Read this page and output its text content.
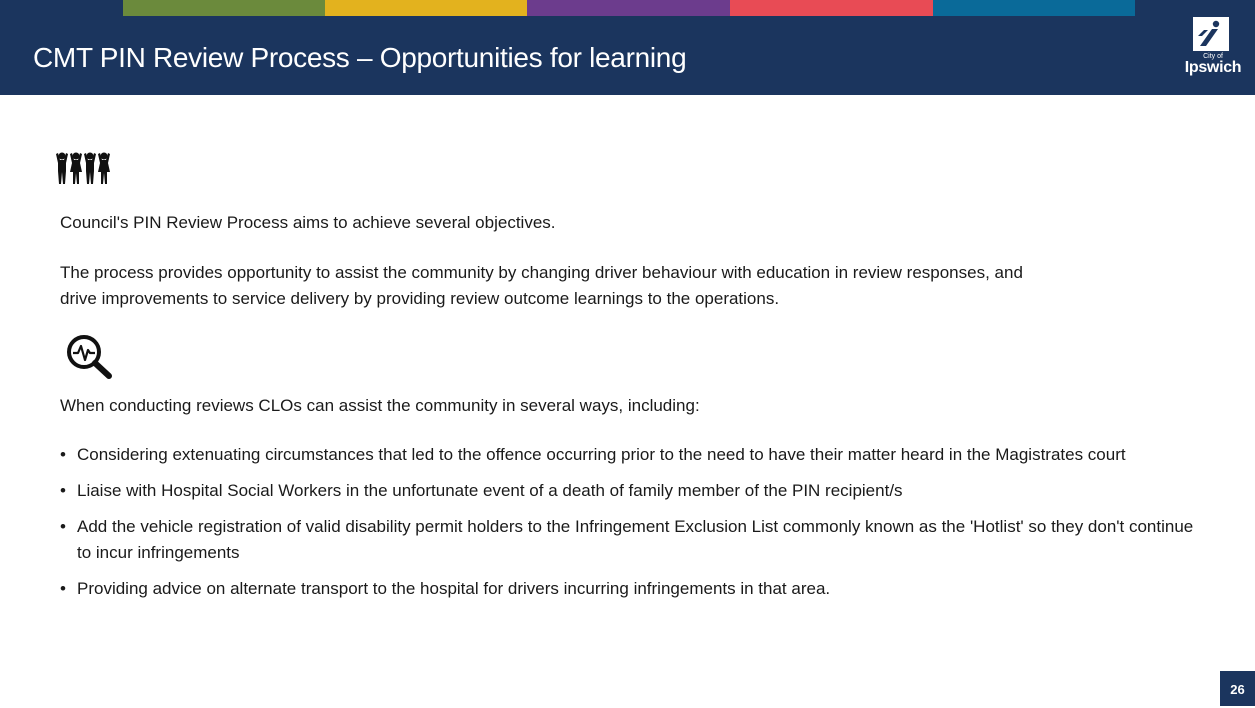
CMT PIN Review Process – Opportunities for learning	City of
Ipswich
Council's PIN Review Process aims to achieve several objectives.
The process provides opportunity to assist the community by changing driver behaviour with education in review responses, and
drive improvements to service delivery by providing review outcome learnings to the operations.
When conducting reviews CLOs can assist the community in several ways, including:
• Considering extenuating circumstances that led to the offence occurring prior to the need to have their matter heard in the Magistrates court
• Liaise with Hospital Social Workers in the unfortunate event of a death of family member of the PIN recipient/s
• Add the vehicle registration of valid disability permit holders to the Infringement Exclusion List commonly known as the 'Hotlist' so they don't continue to incur infringements
• Providing advice on alternate transport to the hospital for drivers incurring infringements in that area.
26
